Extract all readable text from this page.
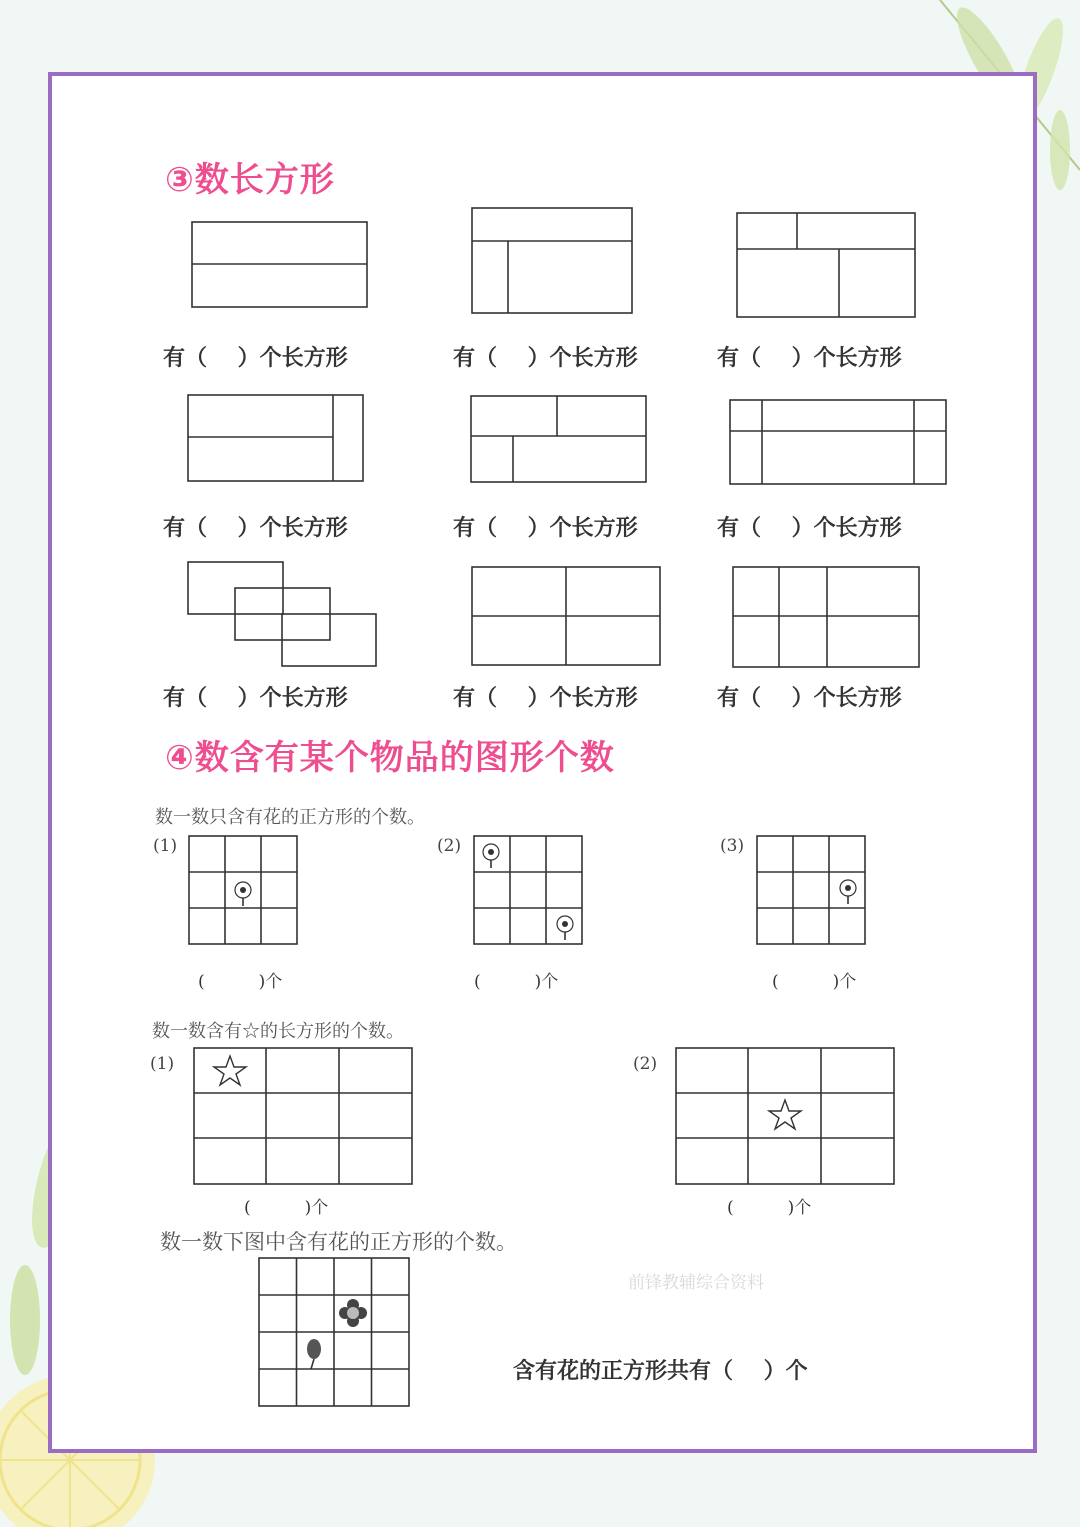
③数长方形
有（    ）个长方形	有（    ）个长方形	有（    ）个长方形
有（    ）个长方形	有（    ）个长方形	有（    ）个长方形
有（    ）个长方形	有（    ）个长方形	有（    ）个长方形
④数含有某个物品的图形个数
数一数只含有花的正方形的个数。
(1)	(2)	(3)
(          )个	(          )个	(          )个
数一数含有☆的长方形的个数。
(1)	(2)
(          )个	(          )个
数一数下图中含有花的正方形的个数。
前锋教辅综合资料
含有花的正方形共有（    ）个
